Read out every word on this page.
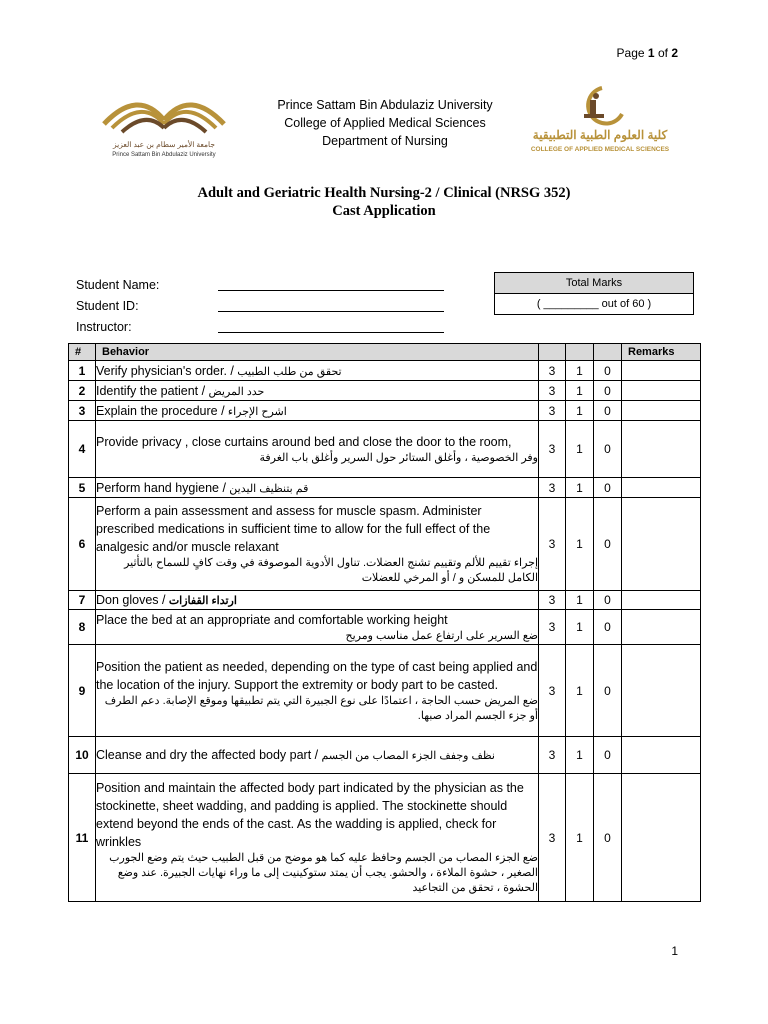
Page 1 of 2
جامعة الأمير سطام بن عبد العزيز
Prince Sattam Bin Abdulaziz University
Prince Sattam Bin Abdulaziz University
College of Applied Medical Sciences
Department of Nursing	كلية العلوم الطبية التطبيقية
COLLEGE OF APPLIED MEDICAL SCIENCES
Adult and Geriatric Health Nursing-2 / Clinical (NRSG 352)
Cast Application
Student Name:
Student ID:
Instructor:
Total Marks
( _________ out of 60 )
#	Behavior				Remarks
1	Verify physician's order. / تحقق من طلب الطبيب	3	1	0	
2	Identify the patient / حدد المريض	3	1	0	
3	Explain the procedure / اشرح الإجراء	3	1	0	
4	Provide privacy , close curtains around bed and close the door to the room,
وفر الخصوصية ، وأغلق الستائر حول السرير وأغلق باب الغرفة	3	1	0	
5	Perform hand hygiene / قم بتنظيف اليدين	3	1	0	
6	Perform a pain assessment and assess for muscle spasm. Administer prescribed medications in sufficient time to allow for the full effect of the analgesic and/or muscle relaxant
إجراء تقييم للألم وتقييم تشنج العضلات. تناول الأدوية الموصوفة في وقت كافٍ للسماح بالتأثير الكامل للمسكن و / أو المرخي للعضلات	3	1	0	
7	Don gloves / ارتداء القفازات	3	1	0	
8	Place the bed at an appropriate and comfortable working height
ضع السرير على ارتفاع عمل مناسب ومريح	3	1	0	
9	Position the patient as needed, depending on the type of cast being applied and the location of the injury. Support the extremity or body part to be casted.
ضع المريض حسب الحاجة ، اعتمادًا على نوع الجبيرة التي يتم تطبيقها وموقع الإصابة. دعم الطرف أو جزء الجسم المراد صبها.	3	1	0	
10	Cleanse and dry the affected body part / نظف وجفف الجزء المصاب من الجسم	3	1	0	
11	Position and maintain the affected body part indicated by the physician as the stockinette, sheet wadding, and padding is applied. The stockinette should extend beyond the ends of the cast. As the wadding is applied, check for wrinkles
ضع الجزء المصاب من الجسم وحافظ عليه كما هو موضح من قبل الطبيب حيث يتم وضع الجورب الصغير ، حشوة الملاءة ، والحشو. يجب أن يمتد ستوكينيت إلى ما وراء نهايات الجبيرة. عند وضع الحشوة ، تحقق من التجاعيد	3	1	0	
1
